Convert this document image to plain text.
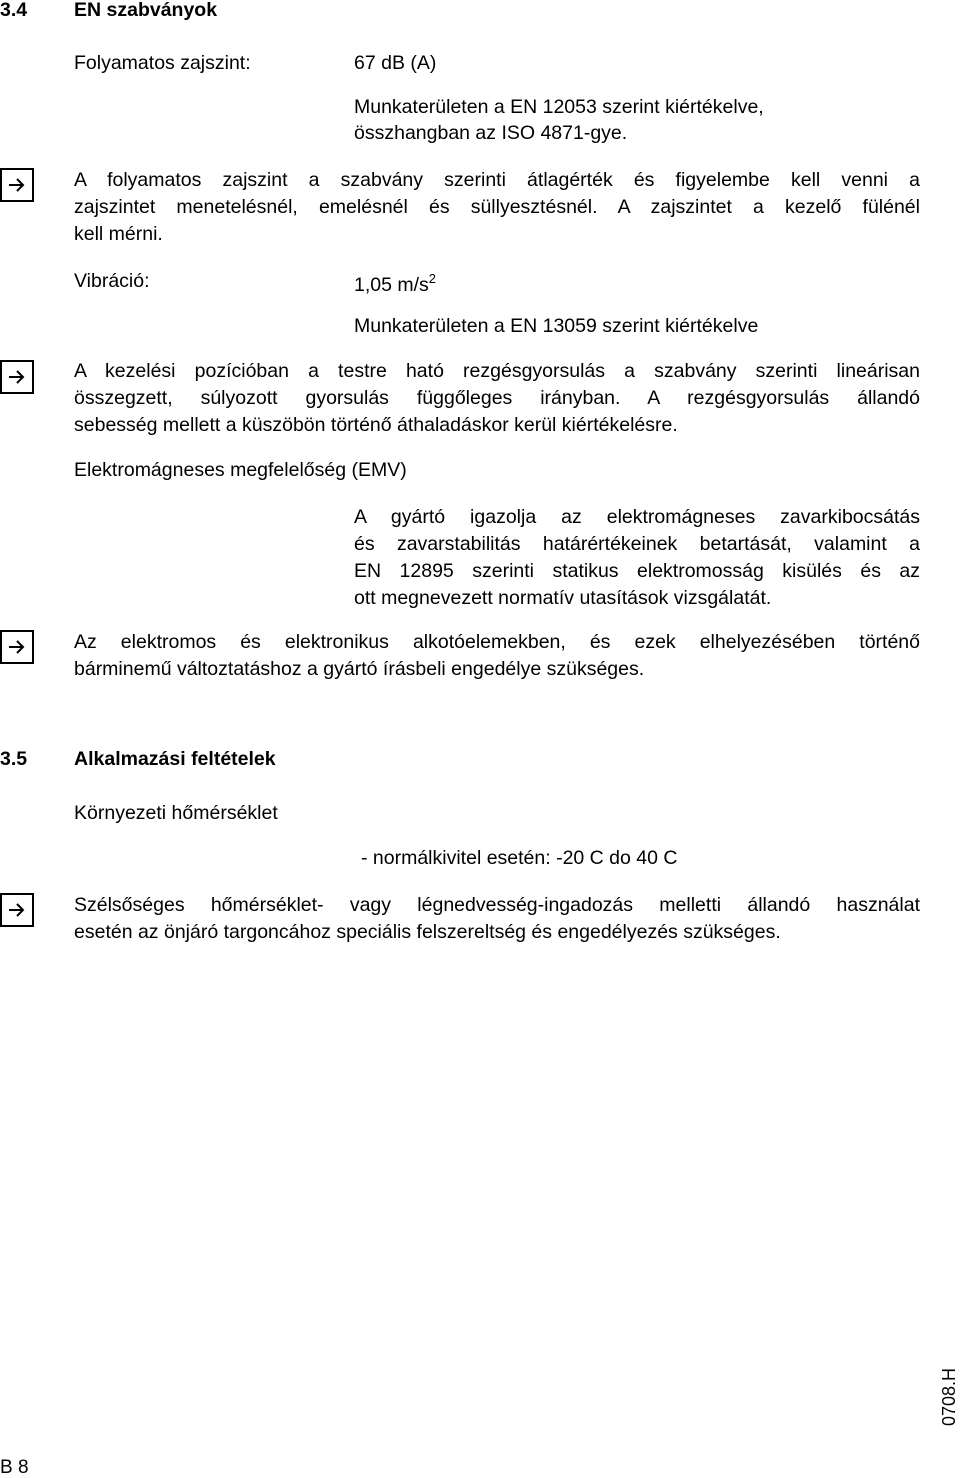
3.4 EN szabványok
Folyamatos zajszint:	67 dB (A)
Munkaterületen a EN 12053 szerint kiértékelve,
összhangban az ISO 4871-gye.
A folyamatos zajszint a szabvány szerinti átlagérték és figyelembe kell venni a
zajszintet menetelésnél, emelésnél és süllyesztésnél. A zajszintet a kezelő fülénél
kell mérni.
Vibráció:	1,05 $m/s^2$
Munkaterületen a EN 13059 szerint kiértékelve
A kezelési pozícióban a testre ható rezgésgyorsulás a szabvány szerinti lineárisan
összegzett, súlyozott gyorsulás függőleges irányban. A rezgésgyorsulás állandó
sebesség mellett a küszöbön történő áthaladáskor kerül kiértékelésre.
Elektromágneses megfelelőség (EMV)
A gyártó igazolja az elektromágneses zavarkibocsátás
és zavarstabilitás határértékeinek betartását, valamint a
EN 12895 szerinti statikus elektromosság kisülés és az
ott megnevezett normatív utasítások vizsgálatát.
Az elektromos és elektronikus alkotóelemekben, és ezek elhelyezésében történő
bárminemű változtatáshoz a gyártó írásbeli engedélye szükséges.
3.5 Alkalmazási feltételek
Környezeti hőmérséklet
- normálkivitel esetén: -20 C do 40 C
Szélsőséges hőmérséklet- vagy légnedvesség-ingadozás melletti állandó használat
esetén az önjáró targoncához speciális felszereltség és engedélyezés szükséges.
0708.H
B 8
